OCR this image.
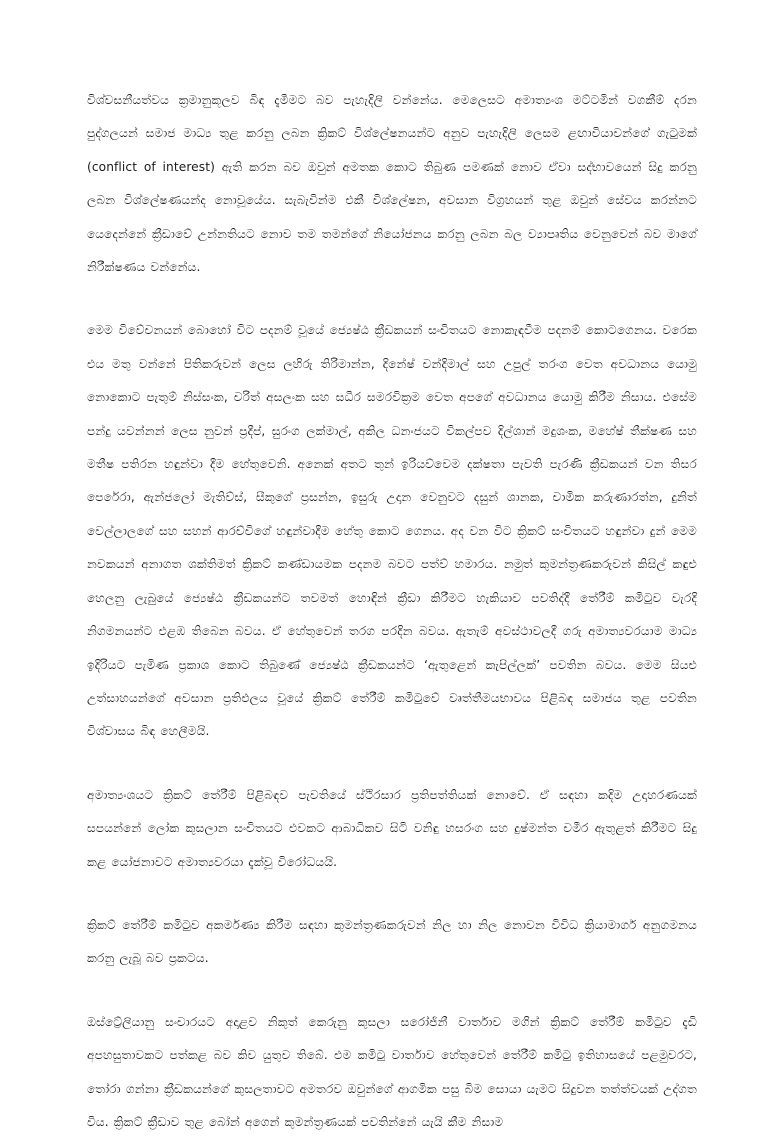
විශ්වසනීයත්වය ක්‍රමානුකූලව බිඳ දැමීමට බව පැහැදිලි වන්නේය. මෙලෙසට අමාත්‍යංශ මට්ටමින් වගකීම් දරන පුද්ගලයන් සමාජ මාධ්‍ය තුළ කරනු ලබන ක්‍රිකට් විශ්ලේෂනයන්ට අනුව පැහැදිලි ලෙසම ළඟාවියාවන්ගේ ගැටුමක් (conflict of interest) ඇති කරන බව ඔවුන් අමතක කොට තිබුණ පමණක් නොව ඒවා සද්භාවයෙන් සිදු කරනු ලබන විශ්ලේෂණයන්ද නොවූයේය. සැබැවින්ම එකී විශ්ලේෂන, අවසාන විග්‍රහයන් තුළ ඔවුන් සේවය කරන්නට යෙදෙන්නේ ක්‍රීඩාවේ උන්නතියට නොව තම තමන්ගේ නියෝජනය කරනු ලබන බල ව්‍යාපෘතිය වෙනුවෙන් බව මාගේ නිරීක්ෂණය වන්නේය.

මෙම විවේචනයන් බොහෝ විට පදනම් වූයේ ජ්‍යෙෂ්ඨ ක්‍රීඩකයන් සංචිතයට නොකැඳවීම පදනම් කොටගෙනය. වරෙක එය මතු වන්නේ පිතිකරුවන් ලෙස ලහිරු තිරිමාන්න, දිනේෂ් චන්දිමාල් සහ උපුල් තරංග වෙත අවධානය යොමු නොකොට පැතුම් නිස්සංක, චරිත් අසලංක සහ සධීර සමරවික්‍රම වෙත අපගේ අවධානය යොමු කිරීම නිසාය. එසේම පන්දු යවන්නන් ලෙස නුවන් ප්‍රදීප්, සුරංග ලක්මාල්, අකිල ධනංජයට විකල්පව දිල්ශාන් මදුශංක, මහේෂ් තීක්ෂණ සහ මතීෂ පතිරන හඳුන්වා දීම හේතුවෙනි. අනෙක් අතට තුන් ඉරියව්වෙම දක්ෂතා පැවති පැරණි ක්‍රීඩකයන් වන තිසර පෙරේරා, ඇන්ජලෝ මැතිව්ස්, සීකුගේ ප්‍රසන්න, ඉසුරු උදාන වෙනුවට දසුන් ශානක, චාමික කරුණාරත්න, දුනිත් වෙල්ලාලගේ සහ සහන් ආරච්චිගේ හඳුන්වාදීම හේතු කොට ගෙනය. අද වන විට ක්‍රිකට් සංචිතයට හඳුන්වා දුන් මෙම නවකයන් අනාගත ශක්තිමත් ක්‍රිකට් කණ්ඩායමක පදනම බවට පත්ව් හමාරය. නමුත් කුමන්ත්‍රණකරුවන් කිසිල් කඳුළු හෙලනු ලැබුයේ ජ්‍යෙෂ්ඨ ක්‍රීඩකයන්ට තවමත් හොඳින් ක්‍රීඩා කිරීමට හැකියාව පවතිද්දී තේරීම් කමිටුව වැරදි නිගමනයන්ට එළඹ තිබෙන බවය. ඒ හේතුවෙන් තරග පරදින බවය. ඇතැම් අවස්ථාවලදී ගරු අමාත්‍යවරයාම මාධ්‍ය ඉදිරියට පැමිණ ප්‍රකාශ කොට තිබුණේ ජ්‍යෙෂ්ඨ ක්‍රීඩකයන්ට ‘ඇතුළෙන් කැපිල්ලක්’ පවතින බවය. මෙම සියළු උත්සාහයන්ගේ අවසාන ප්‍රතිඵලය වූයේ ක්‍රිකට් තේරීම් කමිටුවේ වෘත්තීමයභාවය පිළිබඳ සමාජය තුළ පවතින විශ්වාසය බිඳ හෙලීමයි.

අමාත්‍යංශයට ක්‍රිකට් තේරීම් පිළිබඳව පැවතියේ ස්ථිරසාර ප්‍රතිපත්තියක් නොවේ. ඒ සඳහා කදිම උදාහරණයක් සපයන්නේ ලෝක කුසලාන සංචිතයට එවකට ආබාධිකව සිටි වනිඳු හසරංග සහ දුෂ්මන්ත චමීර ඇතුළත් කිරීමට සිදු කළ යෝජනාවට අමාත්‍යවරයා දැක්වූ විරෝධයයි.

ක්‍රිකට් තේරීම් කමිටුව අකර්මණ්‍ය කිරීම සඳහා කුමන්ත්‍රණකරුවන් නිල හා නිල නොවන විවිධ ක්‍රියාමාර්ග අනුගමනය කරනු ලැබූ බව ප්‍රකටය.

ඔස්ට්‍රේලියානු සංචාරයට අදාළව නිකුත් කෙරුනු කුසලා සරෝජිනී වාර්තාව මගින් ක්‍රිකට් තේරීම් කමිටුව දැඩි අපහසුතාවකට පත්කළ බව කිව යුතුව තිබේ. එම කමිටු වාර්තාව හේතුවෙන් තේරීම් කමිටු ඉතිහාසයේ පළමුවරට, තෝරා ගන්නා ක්‍රීඩකයන්ගේ කුසලතාවට අමතරව ඔවුන්ගේ ආගමික පසු බිම සොයා යැමට සිදුවන තත්ත්වයක් උද්ගත විය. ක්‍රිකට් ක්‍රීඩාව තුළ බෝන් අගෙන් කුමන්ත්‍රණයක් පවතින්නේ යැයි කීම නිසාම
